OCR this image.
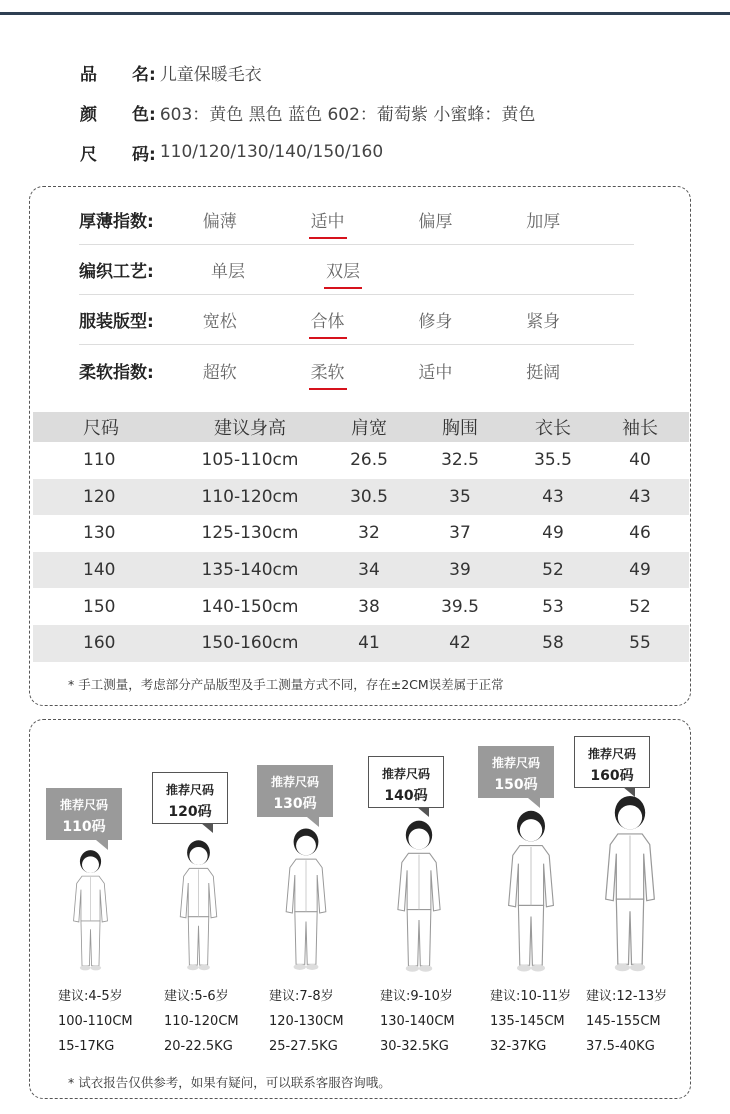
品 名: 儿童保暖毛衣
颜 色: 603：黄色 黑色 蓝色 602：葡萄紫 小蜜蜂：黄色
尺 码: 110/120/130/140/150/160
厚薄指数:	偏薄	适中	偏厚	加厚
编织工艺:	单层	双层
服装版型:	宽松	合体	修身	紧身
柔软指数:	超软	柔软	适中	挺阔
尺码	建议身高	肩宽	胸围	衣长	袖长
110	105-110cm	26.5	32.5	35.5	40
120	110-120cm	30.5	35	43	43
130	125-130cm	32	37	49	46
140	135-140cm	34	39	52	49
150	140-150cm	38	39.5	53	52
160	150-160cm	41	42	58	55
* 手工测量，考虑部分产品版型及手工测量方式不同，存在±2CM误差属于正常
推荐尺码
110码
建议:4-5岁
100-110CM
15-17KG
推荐尺码
120码
建议:5-6岁
110-120CM
20-22.5KG
推荐尺码
130码
建议:7-8岁
120-130CM
25-27.5KG
推荐尺码
140码
建议:9-10岁
130-140CM
30-32.5KG
推荐尺码
150码
建议:10-11岁
135-145CM
32-37KG
推荐尺码
160码
建议:12-13岁
145-155CM
37.5-40KG
* 试衣报告仅供参考，如果有疑问，可以联系客服咨询哦。
